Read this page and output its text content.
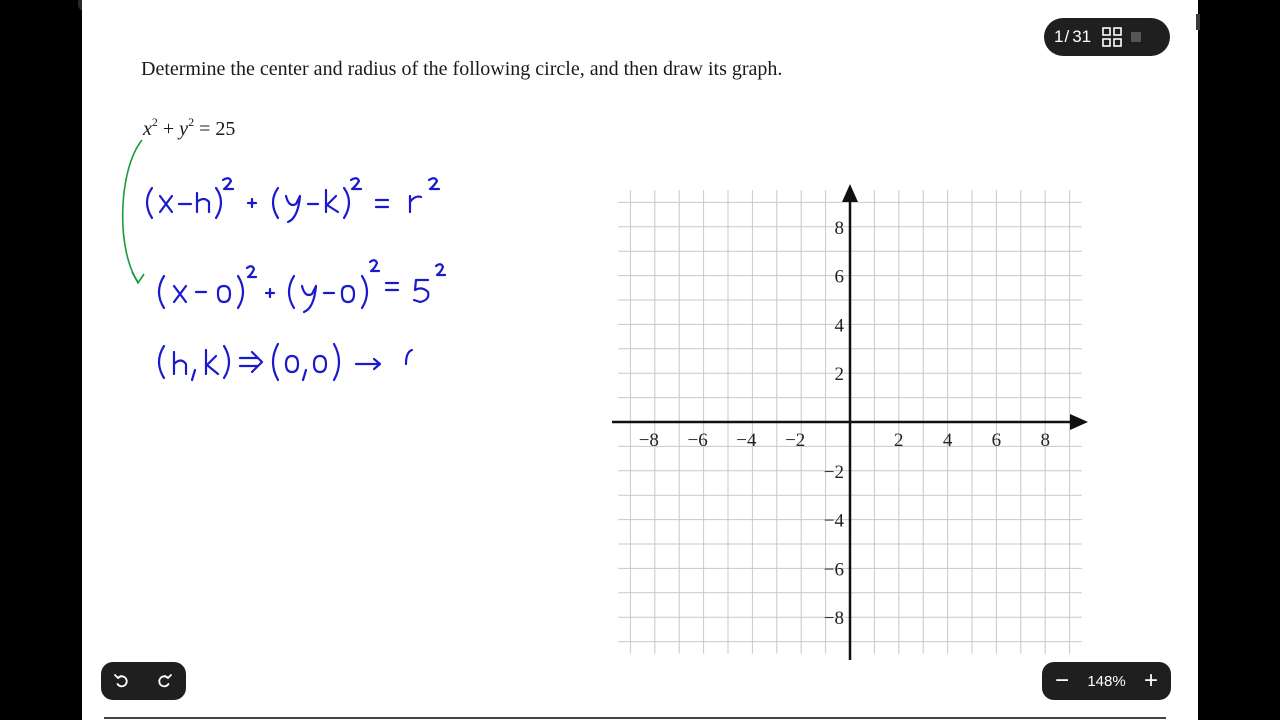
Determine the center and radius of the following circle, and then draw its graph.
$x^2 + y^2 = 25$
−8 −6 −4 −2	2 4 6 8
8
6
4
2
−2
−4
−6
−8
1 / 31
−	148% +
